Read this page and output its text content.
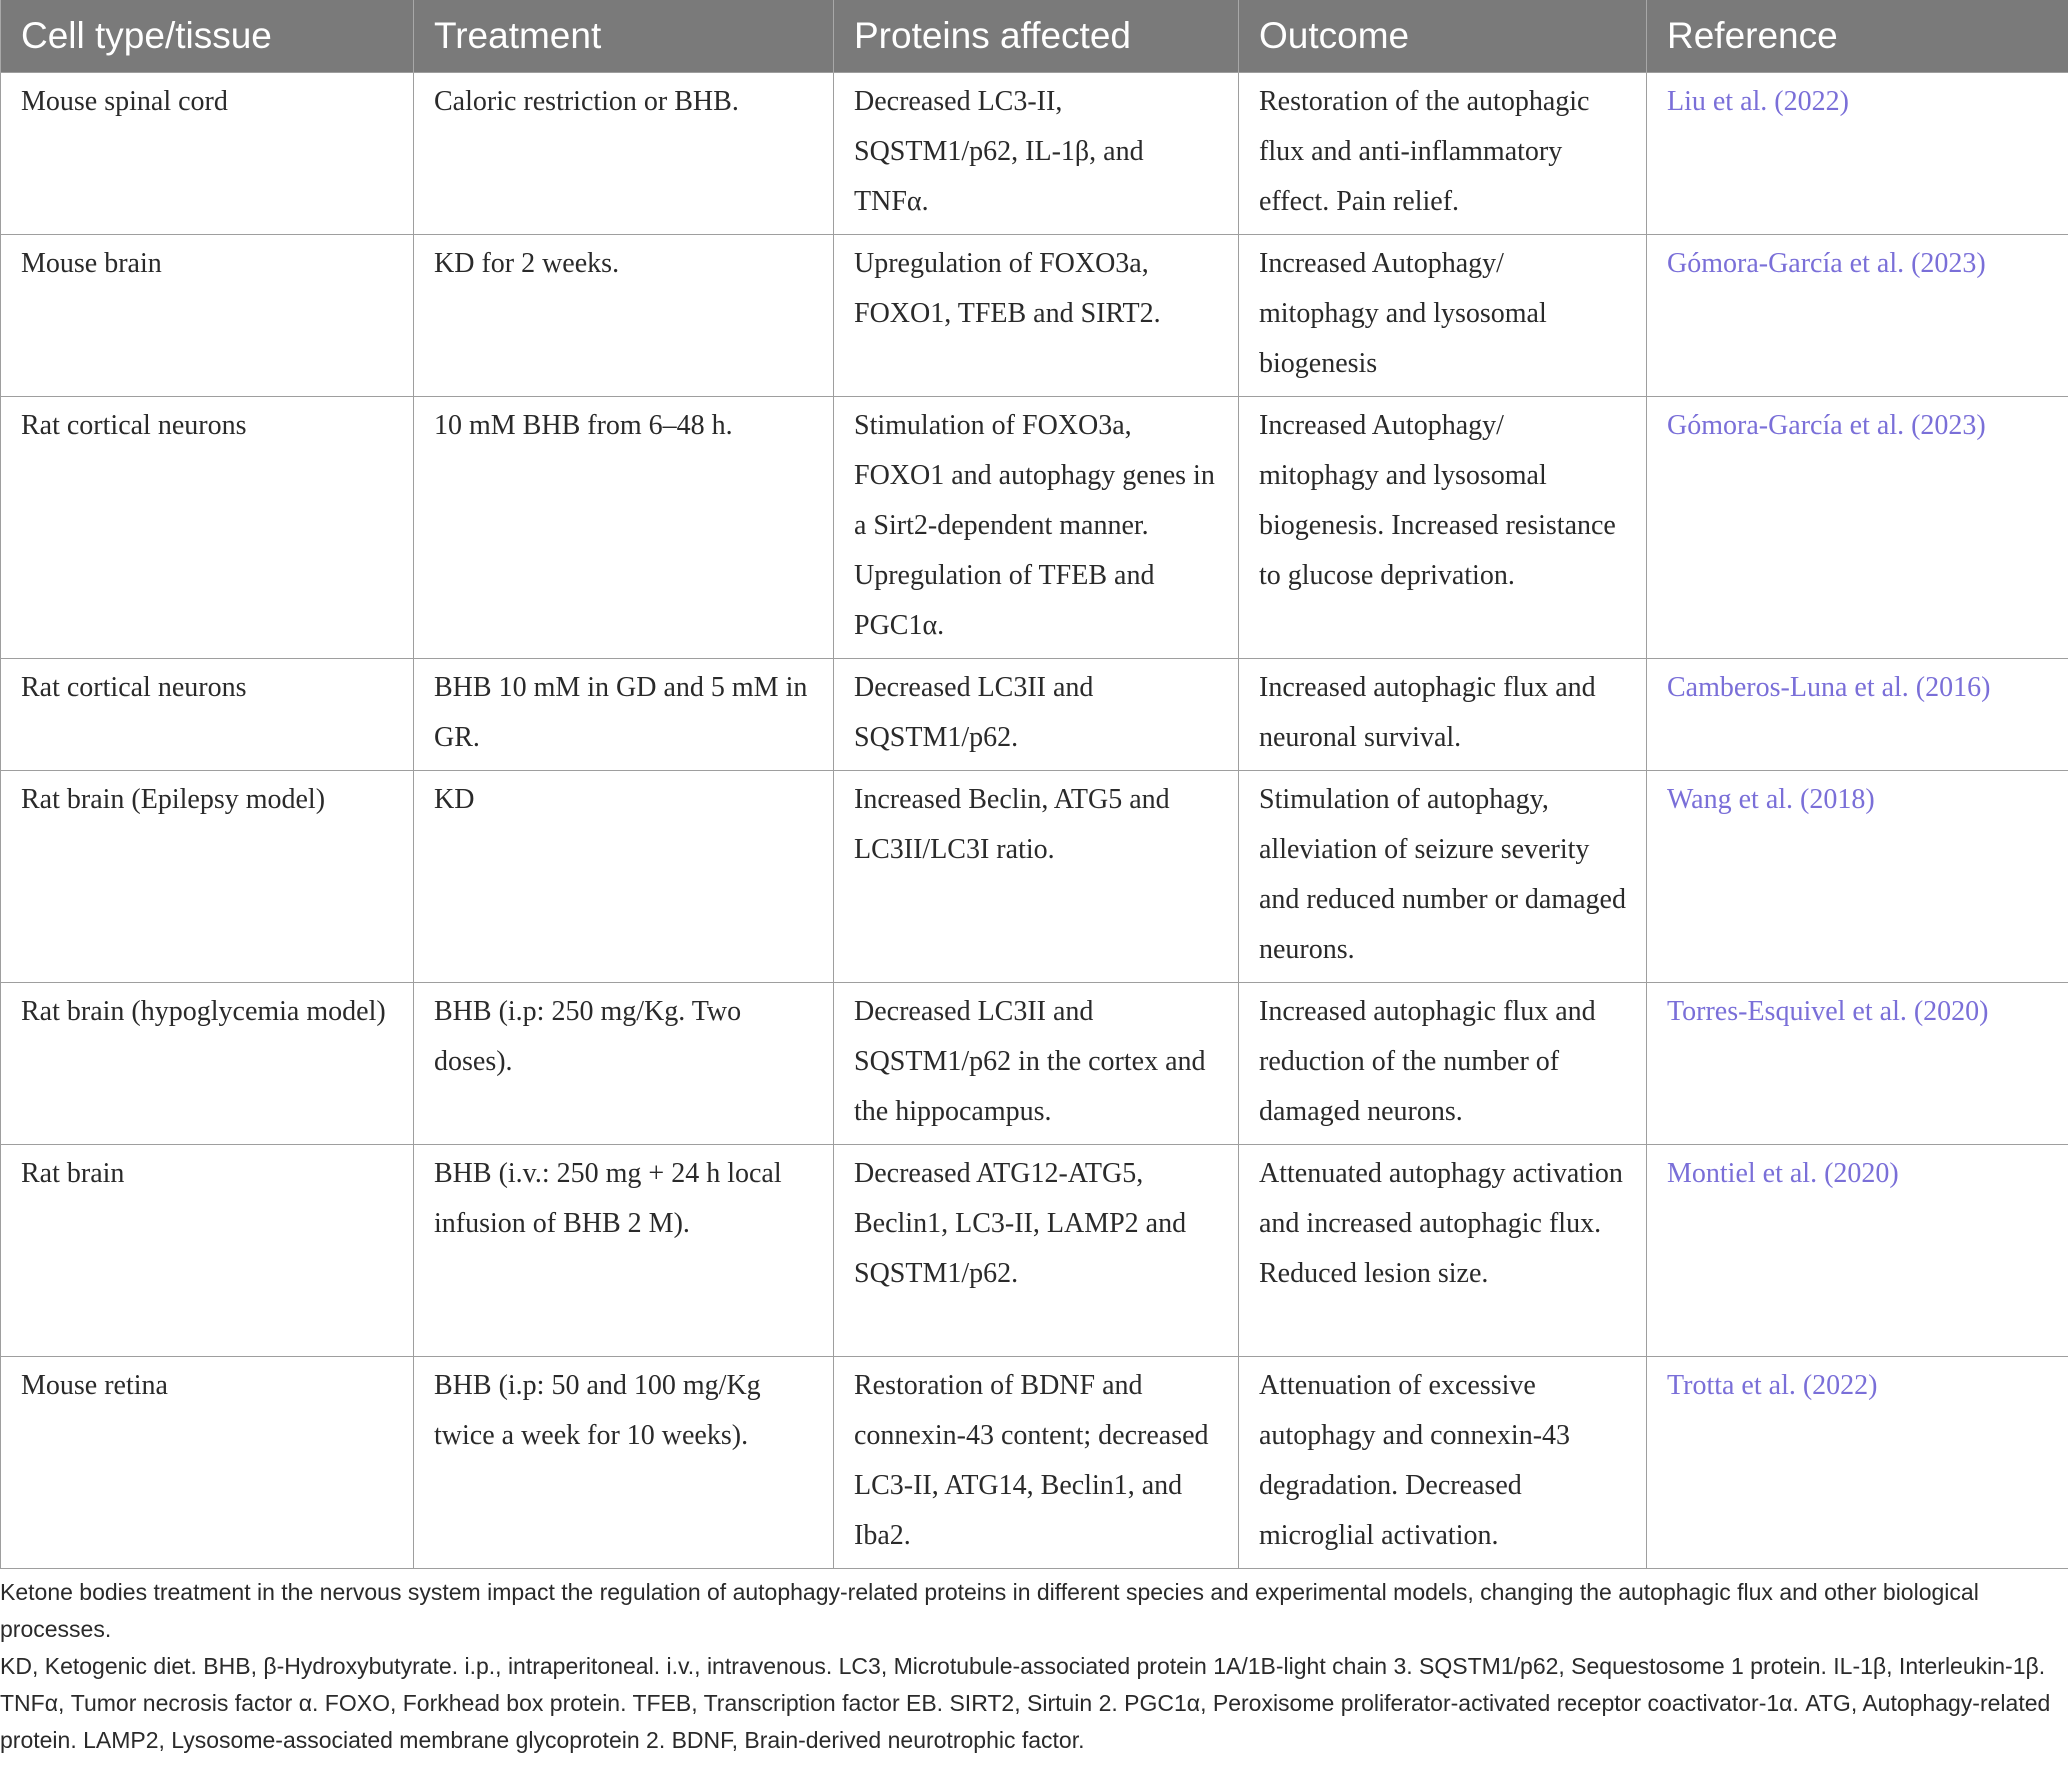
Cell type/tissue	Treatment	Proteins affected	Outcome	Reference
Mouse spinal cord	Caloric restriction or BHB.	Decreased LC3-II, SQSTM1/p62, IL-1β, and TNFα.	Restoration of the autophagic flux and anti-inflammatory effect. Pain relief.	Liu et al. (2022)
Mouse brain	KD for 2 weeks.	Upregulation of FOXO3a, FOXO1, TFEB and SIRT2.	Increased Autophagy/ mitophagy and lysosomal biogenesis	Gómora-García et al. (2023)
Rat cortical neurons	10 mM BHB from 6–48 h.	Stimulation of FOXO3a, FOXO1 and autophagy genes in a Sirt2-dependent manner. Upregulation of TFEB and PGC1α.	Increased Autophagy/ mitophagy and lysosomal biogenesis. Increased resistance to glucose deprivation.	Gómora-García et al. (2023)
Rat cortical neurons	BHB 10 mM in GD and 5 mM in GR.	Decreased LC3II and SQSTM1/p62.	Increased autophagic flux and neuronal survival.	Camberos-Luna et al. (2016)
Rat brain (Epilepsy model)	KD	Increased Beclin, ATG5 and LC3II/LC3I ratio.	Stimulation of autophagy, alleviation of seizure severity and reduced number or damaged neurons.	Wang et al. (2018)
Rat brain (hypoglycemia model)	BHB (i.p: 250 mg/Kg. Two doses).	Decreased LC3II and SQSTM1/p62 in the cortex and the hippocampus.	Increased autophagic flux and reduction of the number of damaged neurons.	Torres-Esquivel et al. (2020)
Rat brain	BHB (i.v.: 250 mg + 24 h local infusion of BHB 2 M).	Decreased ATG12-ATG5, Beclin1, LC3-II, LAMP2 and SQSTM1/p62.	Attenuated autophagy activation and increased autophagic flux. Reduced lesion size.	Montiel et al. (2020)
Mouse retina	BHB (i.p: 50 and 100 mg/Kg twice a week for 10 weeks).	Restoration of BDNF and connexin-43 content; decreased LC3-II, ATG14, Beclin1, and Iba2.	Attenuation of excessive autophagy and connexin-43 degradation. Decreased microglial activation.	Trotta et al. (2022)

Ketone bodies treatment in the nervous system impact the regulation of autophagy-related proteins in different species and experimental models, changing the autophagic flux and other biological processes.

KD, Ketogenic diet. BHB, β-Hydroxybutyrate. i.p., intraperitoneal. i.v., intravenous. LC3, Microtubule-associated protein 1A/1B-light chain 3. SQSTM1/p62, Sequestosome 1 protein. IL-1β, Interleukin-1β. TNFα, Tumor necrosis factor α. FOXO, Forkhead box protein. TFEB, Transcription factor EB. SIRT2, Sirtuin 2. PGC1α, Peroxisome proliferator-activated receptor coactivator-1α. ATG, Autophagy-related protein. LAMP2, Lysosome-associated membrane glycoprotein 2. BDNF, Brain-derived neurotrophic factor.
